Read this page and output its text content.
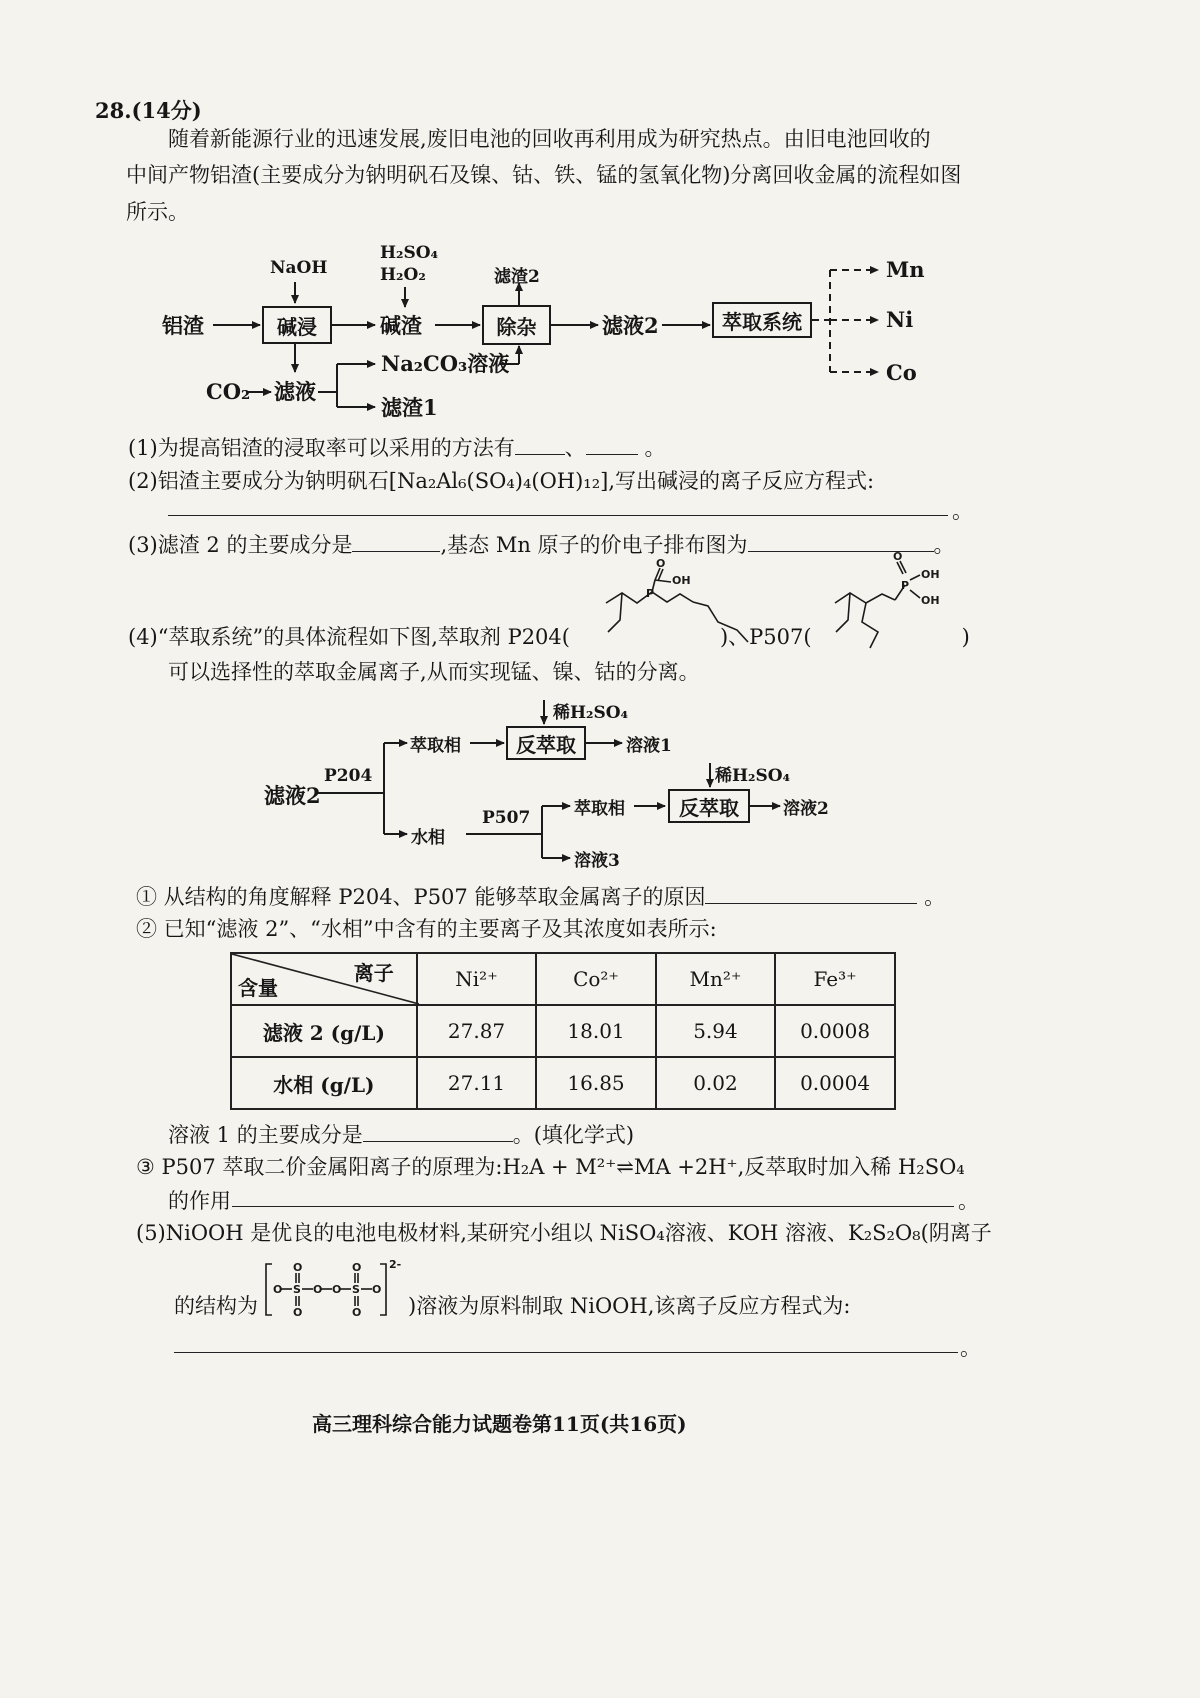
28.(14分)
随着新能源行业的迅速发展,废旧电池的回收再利用成为研究热点。由旧电池回收的
中间产物铝渣(主要成分为钠明矾石及镍、钴、铁、锰的氢氧化物)分离回收金属的流程如图
所示。
NaOH
H₂SO₄
H₂O₂
铝渣	碱浸	碱渣	除杂
滤渣2
滤液2	萃取系统
Mn
Ni
Co
CO₂ 滤液
Na₂CO₃溶液
滤渣1
(1)为提高铝渣的浸取率可以采用的方法有 、	。
(2)铝渣主要成分为钠明矾石[Na₂Al₆(SO₄)₄(OH)₁₂],写出碱浸的离子反应方程式:
。
(3)滤渣 2 的主要成分是	,基态 Mn 原子的价电子排布图为	。
(4)“萃取系统”的具体流程如下图,萃取剂 P204(	)、P507(	)
可以选择性的萃取金属离子,从而实现锰、镍、钴的分离。
O
P
OH
O
P
OH
OH
稀H₂SO₄
萃取相	反萃取	溶液1
稀H₂SO₄
P204
滤液2
P507	萃取相	反萃取	溶液2
水相
溶液3
① 从结构的角度解释 P204、P507 能够萃取金属离子的原因	。
② 已知“滤液 2”、“水相”中含有的主要离子及其浓度如表所示:
离子
含量	Ni²⁺	Co²⁺	Mn²⁺	Fe³⁺
滤液 2 (g/L)	27.87	18.01	5.94	0.0008
水相 (g/L)	27.11	16.85	0.02	0.0004
溶液 1 的主要成分是	。(填化学式)
③ P507 萃取二价金属阳离子的原理为:H₂A + M²⁺⇌MA +2H⁺,反萃取时加入稀 H₂SO₄
的作用	。
(5)NiOOH 是优良的电池电极材料,某研究小组以 NiSO₄溶液、KOH 溶液、K₂S₂O₈(阴离子
的结构为
O S
O
O
O O S
O
O
O
2-
)溶液为原料制取 NiOOH,该离子反应方程式为:
。
高三理科综合能力试题卷第11页(共16页)
